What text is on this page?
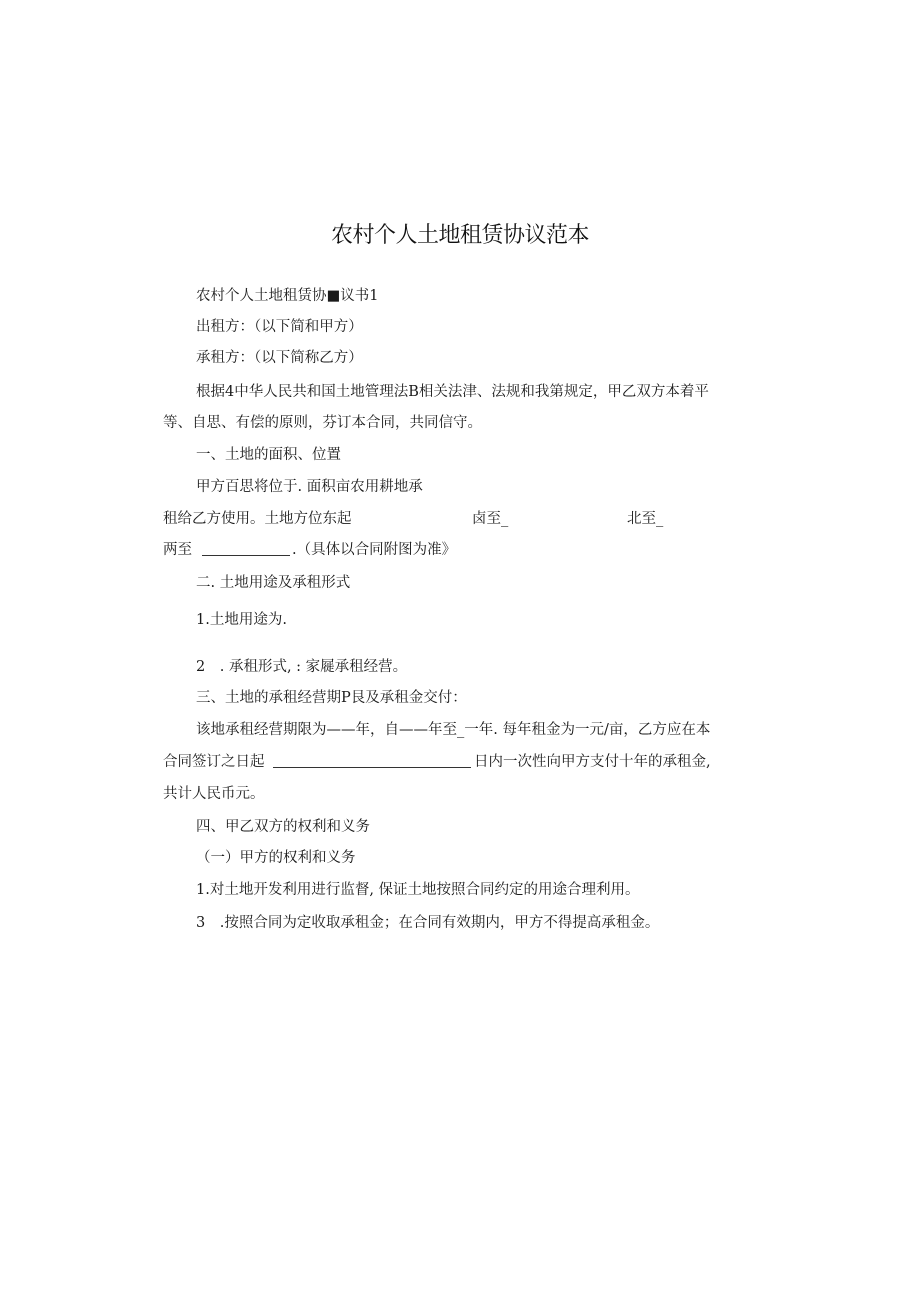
农村个人土地租赁协议范本
农村个人土地租赁协■议书1
出租方：（以下简和甲方）
承租方：（以下简称乙方）
根据4中华人民共和国土地管理法B相关法津、法规和我第规定，甲乙双方本着平
等、自思、有偿的原则，芬订本合同，共同信守。
一、土地的面积、位置
甲方百思将位于. 面积亩农用耕地承
租给乙方使用。土地方位东起	卤至_	北至_
两至	.（具体以合同附图为准》
二. 土地用途及承租形式
1.土地用途为.
2　. 承租形式, : 家屣承租经营。
三、土地的承租经营期P艮及承租金交付：
该地承租经营期限为——年，自——年至_一年. 每年租金为一元/亩，乙方应在本
合同签订之日起	日内一次性向甲方支付十年的承租金,
共计人民币元。
四、甲乙双方的权利和义务
（一）甲方的权利和义务
1.对土地开发利用进行监督, 保证土地按照合同约定的用途合理利用。
3　.按照合同为定收取承租金；在合同有效期内，甲方不得提高承租金。
